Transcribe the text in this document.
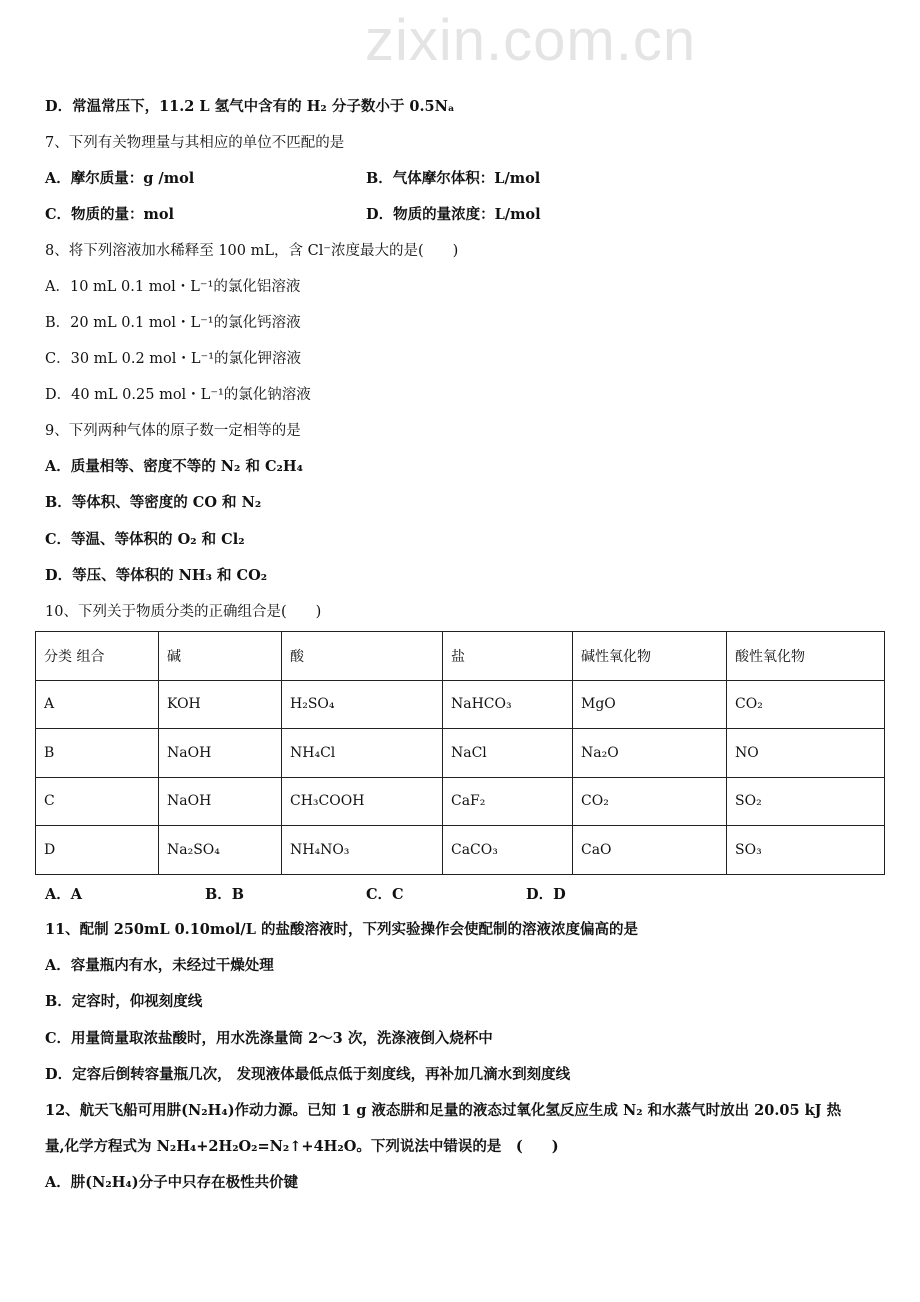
zixin.com.cn
D．常温常压下，11.2 L 氢气中含有的 H₂ 分子数小于 0.5Nₐ
7、下列有关物理量与其相应的单位不匹配的是
8、将下列溶液加水稀释至 100 mL，含 Cl⁻浓度最大的是(　　)
A．10 mL 0.1 mol・L⁻¹的氯化铝溶液
B．20 mL 0.1 mol・L⁻¹的氯化钙溶液
C．30 mL 0.2 mol・L⁻¹的氯化钾溶液
D．40 mL 0.25 mol・L⁻¹的氯化钠溶液
9、下列两种气体的原子数一定相等的是
A．质量相等、密度不等的 N₂ 和 C₂H₄
B．等体积、等密度的 CO 和 N₂
C．等温、等体积的 O₂ 和 Cl₂
D．等压、等体积的 NH₃ 和 CO₂
10、下列关于物质分类的正确组合是(　　)
11、配制 250mL 0.10mol/L 的盐酸溶液时，下列实验操作会使配制的溶液浓度偏高的是
A．容量瓶内有水，未经过干燥处理
B．定容时，仰视刻度线
C．用量筒量取浓盐酸时，用水洗涤量筒 2～3 次，洗涤液倒入烧杯中
D．定容后倒转容量瓶几次， 发现液体最低点低于刻度线，再补加几滴水到刻度线
12、航天飞船可用肼(N₂H₄)作动力源。已知 1 g 液态肼和足量的液态过氧化氢反应生成 N₂ 和水蒸气时放出 20.05 kJ 热
量,化学方程式为 N₂H₄+2H₂O₂=N₂↑+4H₂O。下列说法中错误的是　(　　)
A．肼(N₂H₄)分子中只存在极性共价键
A．摩尔质量：g /mol	B．气体摩尔体积：L/mol
C．物质的量：mol	D．物质的量浓度：L/mol
A．A	B．B	C．C	D．D
分类 组合	碱	酸	盐	碱性氧化物	酸性氧化物
A	KOH	H₂SO₄	NaHCO₃	MgO	CO₂
B	NaOH	NH₄Cl	NaCl	Na₂O	NO
C	NaOH	CH₃COOH	CaF₂	CO₂	SO₂
D	Na₂SO₄	NH₄NO₃	CaCO₃	CaO	SO₃
